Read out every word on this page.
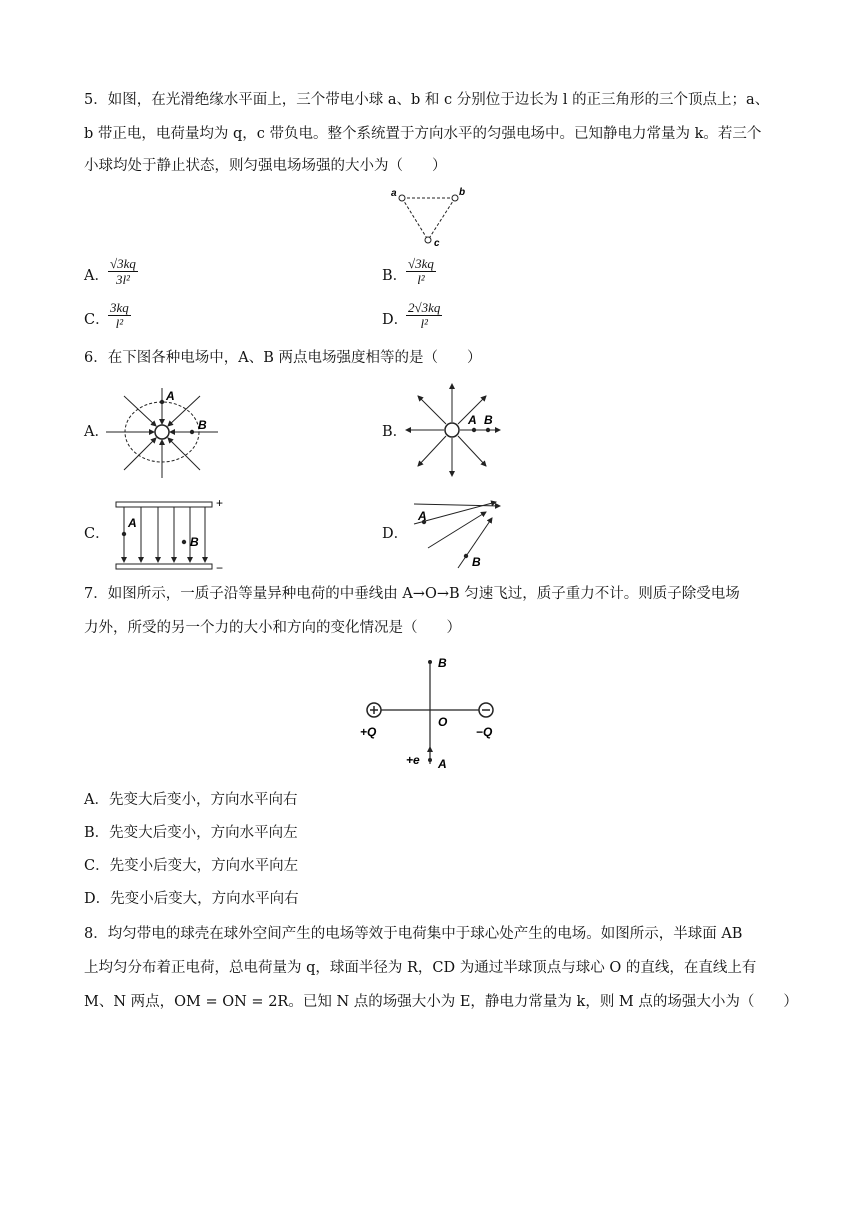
5．如图，在光滑绝缘水平面上，三个带电小球 a、b 和 c 分别位于边长为 l 的正三角形的三个顶点上；a、
b 带正电，电荷量均为 q，c 带负电。整个系统置于方向水平的匀强电场中。已知静电力常量为 k。若三个
小球均处于静止状态，则匀强电场场强的大小为（　　）
a	b
c
A． $\frac{√3kq}{\text{3l²}}$	B．
$\frac{√3kq}{\text{l²}}$
C．
$\frac{3kq}{\text{l²}}$	D．
$\frac{2√3kq}{\text{l²}}$
6．在下图各种电场中，A、B 两点电场强度相等的是（　　）
A．
A
B	B．
A B
C．
A
B
+
−
D．
A
B
7．如图所示，一质子沿等量异种电荷的中垂线由 A→O→B 匀速飞过，质子重力不计。则质子除受电场
力外，所受的另一个力的大小和方向的变化情况是（　　）
B
O
A
+Q	−Q
+e
A．先变大后变小，方向水平向右
B．先变大后变小，方向水平向左
C．先变小后变大，方向水平向左
D．先变小后变大，方向水平向右
8．均匀带电的球壳在球外空间产生的电场等效于电荷集中于球心处产生的电场。如图所示，半球面 AB
上均匀分布着正电荷，总电荷量为 q，球面半径为 R，CD 为通过半球顶点与球心 O 的直线，在直线上有
M、N 两点，OM = ON = 2R。已知 N 点的场强大小为 E，静电力常量为 k，则 M 点的场强大小为（　　）
